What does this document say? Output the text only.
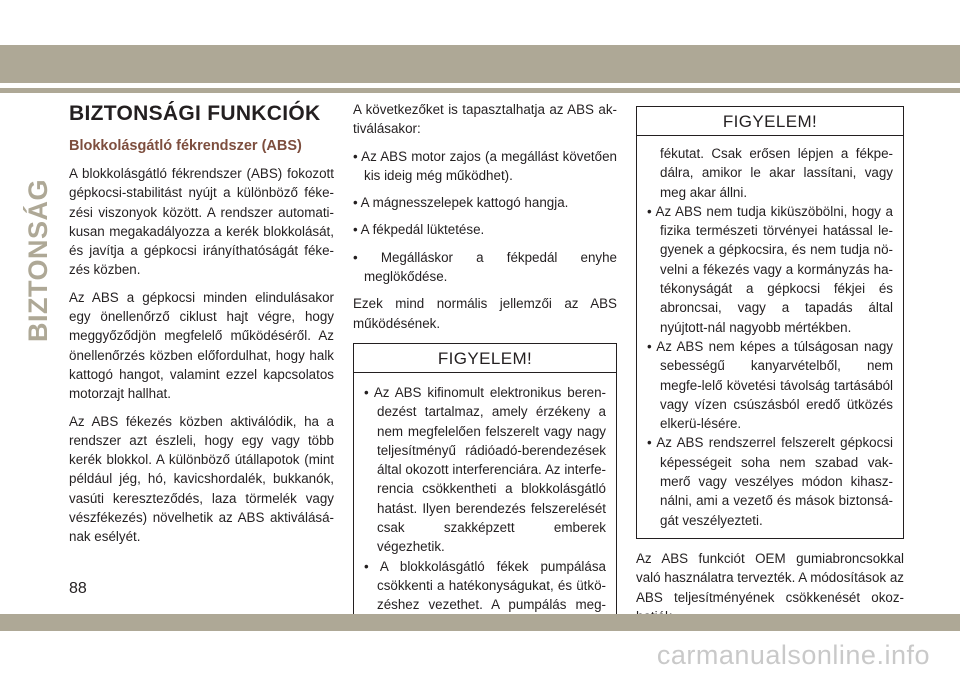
BIZTONSÁG
BIZTONSÁGI FUNKCIÓK
Blokkolásgátló fékrendszer (ABS)

A blokkolásgátló fékrendszer (ABS) fokozott gépkocsi-stabilitást nyújt a különböző féke-zési viszonyok között. A rendszer automati-kusan megakadályozza a kerék blokkolását, és javítja a gépkocsi irányíthatóságát féke-zés közben.

Az ABS a gépkocsi minden elindulásakor egy önellenőrző ciklust hajt végre, hogy meggyőződjön megfelelő működéséről. Az önellenőrzés közben előfordulhat, hogy halk kattogó hangot, valamint ezzel kapcsolatos motorzajt hallhat.

Az ABS fékezés közben aktiválódik, ha a rendszer azt észleli, hogy egy vagy több kerék blokkol. A különböző útállapotok (mint például jég, hó, kavicshordalék, bukkanók, vasúti kereszteződés, laza törmelék vagy vészfékezés) növelhetik az ABS aktiválásá-nak esélyét.

A következőket is tapasztalhatja az ABS ak-tiválásakor:

• Az ABS motor zajos (a megállást követően kis ideig még működhet).
• A mágnesszelepek kattogó hangja.
• A fékpedál lüktetése.
• Megálláskor a fékpedál enyhe meglökődése.

Ezek mind normális jellemzői az ABS működésének.

FIGYELEM!
• Az ABS kifinomult elektronikus beren-dezést tartalmaz, amely érzékeny a nem megfelelően felszerelt vagy nagy teljesítményű rádióadó-berendezések által okozott interferenciára. Az interfe-rencia csökkentheti a blokkolásgátló hatást. Ilyen berendezés felszerelését csak szakképzett emberek végezhetik.
• A blokkolásgátló fékek pumpálása csökkenti a hatékonyságukat, és ütkö-zéshez vezethet. A pumpálás meg-
FIGYELEM!
fékutat. Csak erősen lépjen a fékpe-dálra, amikor le akar lassítani, vagy meg akar állni.
• Az ABS nem tudja kiküszöbölni, hogy a fizika természeti törvényei hatással le-gyenek a gépkocsira, és nem tudja nö-velni a fékezés vagy a kormányzás ha-tékonyságát a gépkocsi fékjei és abroncsai, vagy a tapadás által nyújtott-nál nagyobb mértékben.
• Az ABS nem képes a túlságosan nagy sebességű kanyarvételből, nem megfe-lelő követési távolság tartásából vagy vízen csúszásból eredő ütközés elkerü-lésére.
• Az ABS rendszerrel felszerelt gépkocsi képességeit soha nem szabad vak-merő vagy veszélyes módon kihasz-nálni, ami a vezető és mások biztonsá-gát veszélyezteti.

Az ABS funkciót OEM gumiabroncsokkal való használatra tervezték. A módosítások az ABS teljesítményének csökkenését okoz-

88
carmanualsonline.info
